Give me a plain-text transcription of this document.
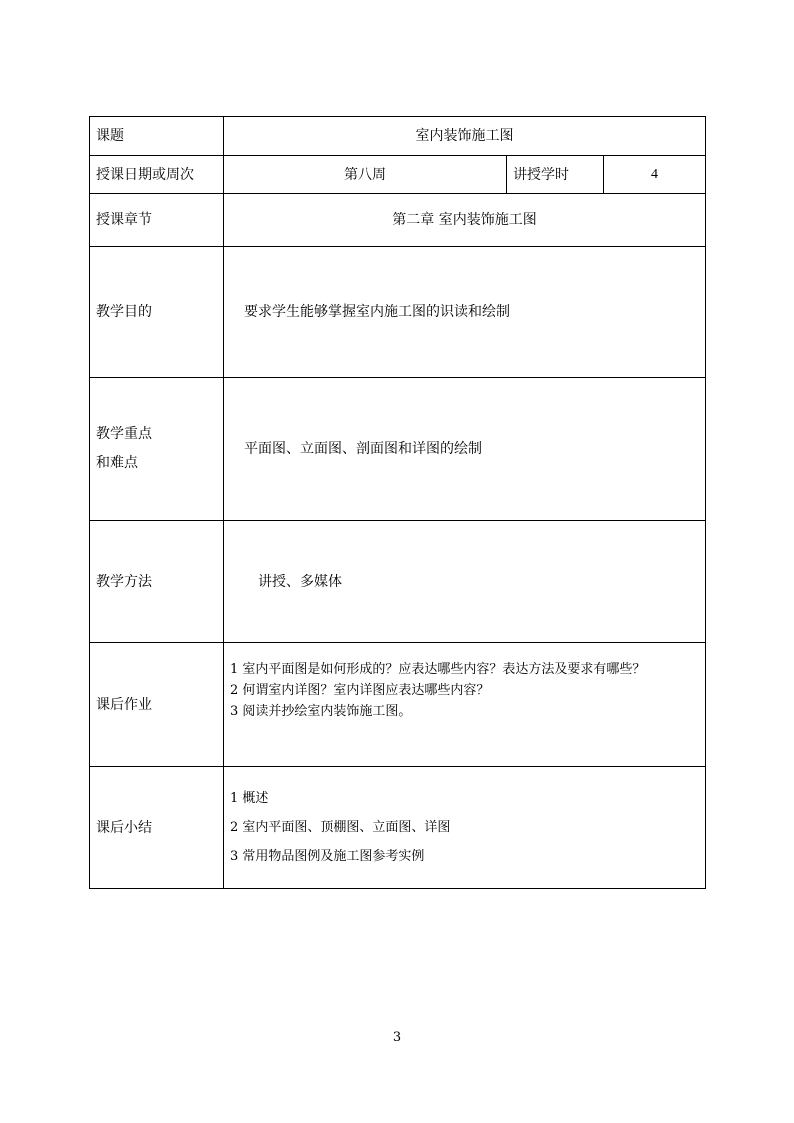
课题	室内装饰施工图		
授课日期或周次	第八周	讲授学时	4
授课章节	第二章 室内装饰施工图		
教学目的	要求学生能够掌握室内施工图的识读和绘制		

教学重点
和难点	平面图、立面图、剖面图和详图的绘制		
教学方法	讲授、多媒体		
课后作业	1 室内平面图是如何形成的？应表达哪些内容？表达方法及要求有哪些？
2 何谓室内详图？室内详图应表达哪些内容？
3 阅读并抄绘室内装饰施工图。		

课后小结	1 概述
2 室内平面图、顶棚图、立面图、详图
3 常用物品图例及施工图参考实例		
3
